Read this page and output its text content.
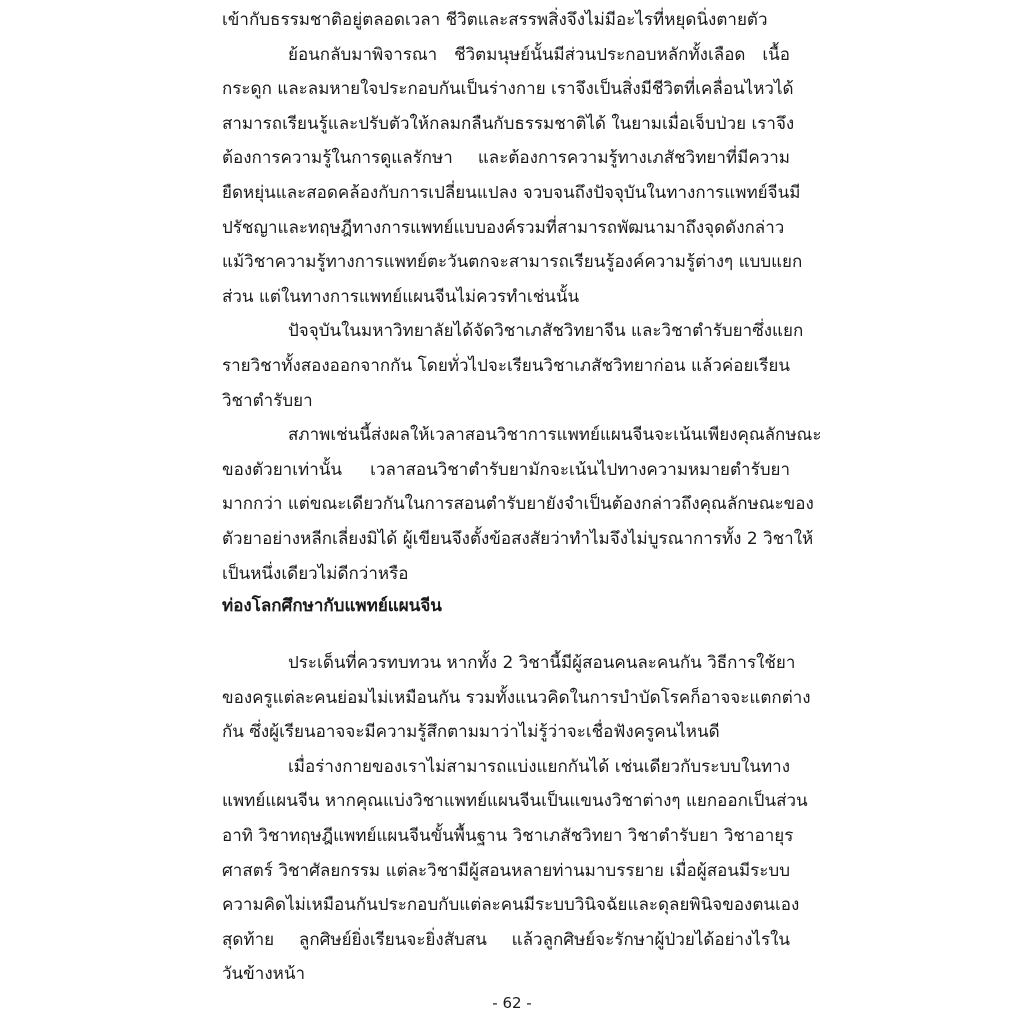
เข้ากับธรรมชาติอยู่ตลอดเวลา ชีวิตและสรรพสิ่งจึงไม่มีอะไรที่หยุดนิ่งตายตัว
ย้อนกลับมาพิจารณา ชีวิตมนุษย์นั้นมีส่วนประกอบหลักทั้งเลือด เนื้อ
กระดูก และลมหายใจประกอบกันเป็นร่างกาย เราจึงเป็นสิ่งมีชีวิตที่เคลื่อนไหวได้
สามารถเรียนรู้และปรับตัวให้กลมกลืนกับธรรมชาติได้ ในยามเมื่อเจ็บป่วย เราจึง
ต้องการความรู้ในการดูแลรักษา และต้องการความรู้ทางเภสัชวิทยาที่มีความ
ยืดหยุ่นและสอดคล้องกับการเปลี่ยนแปลง จวบจนถึงปัจจุบันในทางการแพทย์จีนมี
ปรัชญาและทฤษฎีทางการแพทย์แบบองค์รวมที่สามารถพัฒนามาถึงจุดดังกล่าว
แม้วิชาความรู้ทางการแพทย์ตะวันตกจะสามารถเรียนรู้องค์ความรู้ต่างๆ แบบแยก
ส่วน แต่ในทางการแพทย์แผนจีนไม่ควรทำเช่นนั้น
ปัจจุบันในมหาวิทยาลัยได้จัดวิชาเภสัชวิทยาจีน และวิชาตำรับยาซึ่งแยก
รายวิชาทั้งสองออกจากกัน โดยทั่วไปจะเรียนวิชาเภสัชวิทยาก่อน แล้วค่อยเรียน
วิชาตำรับยา
สภาพเช่นนี้ส่งผลให้เวลาสอนวิชาการแพทย์แผนจีนจะเน้นเพียงคุณลักษณะ
ของตัวยาเท่านั้น เวลาสอนวิชาตำรับยามักจะเน้นไปทางความหมายตำรับยา
มากกว่า แต่ขณะเดียวกันในการสอนตำรับยายังจำเป็นต้องกล่าวถึงคุณลักษณะของ
ตัวยาอย่างหลีกเลี่ยงมิได้ ผู้เขียนจึงตั้งข้อสงสัยว่าทำไมจึงไม่บูรณาการทั้ง 2 วิชาให้
เป็นหนึ่งเดียวไม่ดีกว่าหรือ
ท่องโลกศึกษากับแพทย์แผนจีน
ประเด็นที่ควรทบทวน หากทั้ง 2 วิชานี้มีผู้สอนคนละคนกัน วิธีการใช้ยา
ของครูแต่ละคนย่อมไม่เหมือนกัน รวมทั้งแนวคิดในการบำบัดโรคก็อาจจะแตกต่าง
กัน ซึ่งผู้เรียนอาจจะมีความรู้สึกตามมาว่าไม่รู้ว่าจะเชื่อฟังครูคนไหนดี
เมื่อร่างกายของเราไม่สามารถแบ่งแยกกันได้ เช่นเดียวกับระบบในทาง
แพทย์แผนจีน หากคุณแบ่งวิชาแพทย์แผนจีนเป็นแขนงวิชาต่างๆ แยกออกเป็นส่วน
อาทิ วิชาทฤษฎีแพทย์แผนจีนขั้นพื้นฐาน วิชาเภสัชวิทยา วิชาตำรับยา วิชาอายุร
ศาสตร์ วิชาศัลยกรรม แต่ละวิชามีผู้สอนหลายท่านมาบรรยาย เมื่อผู้สอนมีระบบ
ความคิดไม่เหมือนกันประกอบกับแต่ละคนมีระบบวินิจฉัยและดุลยพินิจของตนเอง
สุดท้าย ลูกศิษย์ยิ่งเรียนจะยิ่งสับสน แล้วลูกศิษย์จะรักษาผู้ป่วยได้อย่างไรใน
วันข้างหน้า
- 62 -
